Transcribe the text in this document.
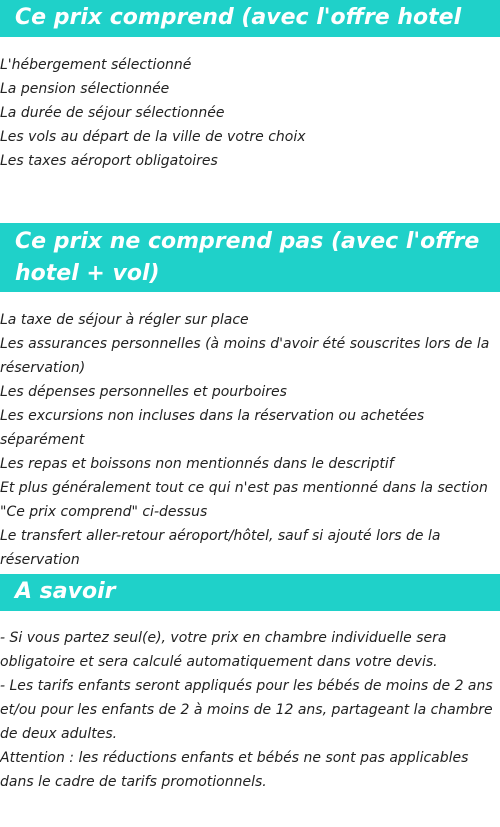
Ce prix comprend (avec l'offre hotel + vol)
L'hébergement sélectionné
La pension sélectionnée
La durée de séjour sélectionnée
Les vols au départ de la ville de votre choix
Les taxes aéroport obligatoires
Ce prix ne comprend pas (avec l'offre hotel + vol)
La taxe de séjour à régler sur place
Les assurances personnelles (à moins d'avoir été souscrites lors de la réservation)
Les dépenses personnelles et pourboires
Les excursions non incluses dans la réservation ou achetées séparément
Les repas et boissons non mentionnés dans le descriptif
Et plus généralement tout ce qui n'est pas mentionné dans la section "Ce prix comprend" ci-dessus
Le transfert aller-retour aéroport/hôtel, sauf si ajouté lors de la réservation
A savoir
- Si vous partez seul(e), votre prix en chambre individuelle sera obligatoire et sera calculé automatiquement dans votre devis.
- Les tarifs enfants seront appliqués pour les bébés de moins de 2 ans et/ou pour les enfants de 2 à moins de 12 ans, partageant la chambre de deux adultes.
Attention : les réductions enfants et bébés ne sont pas applicables dans le cadre de tarifs promotionnels.
